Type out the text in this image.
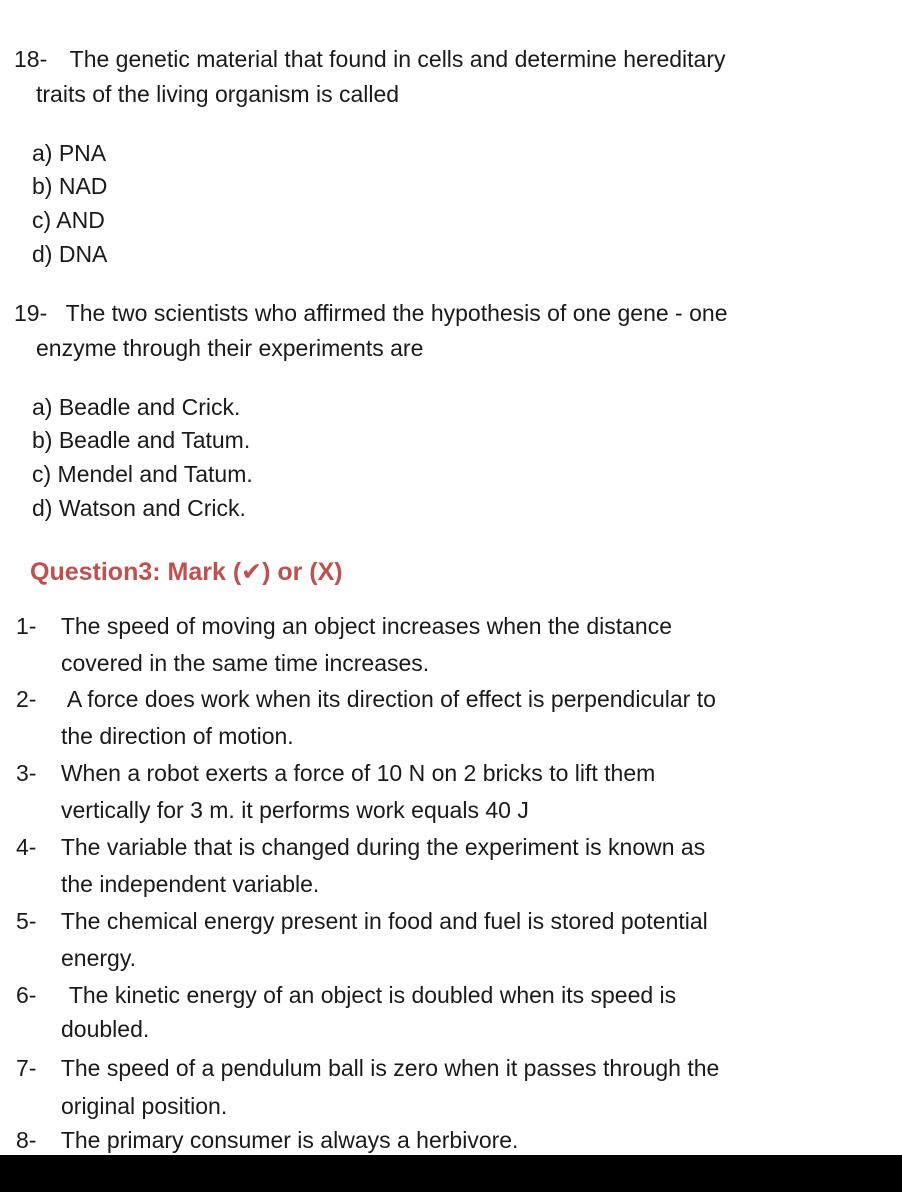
18- The genetic material that found in cells and determine hereditary
traits of the living organism is called
a) PNA
b) NAD
c) AND
d) DNA
19- The two scientists who affirmed the hypothesis of one gene - one
enzyme through their experiments are
a) Beadle and Crick.
b) Beadle and Tatum.
c) Mendel and Tatum.
d) Watson and Crick.
Question3: Mark (✔) or (X)
1- The speed of moving an object increases when the distance
covered in the same time increases.
2- A force does work when its direction of effect is perpendicular to
the direction of motion.
3- When a robot exerts a force of 10 N on 2 bricks to lift them
vertically for 3 m. it performs work equals 40 J
4- The variable that is changed during the experiment is known as
the independent variable.
5- The chemical energy present in food and fuel is stored potential
energy.
6- The kinetic energy of an object is doubled when its speed is
doubled.
7- The speed of a pendulum ball is zero when it passes through the
original position.
8- The primary consumer is always a herbivore.
